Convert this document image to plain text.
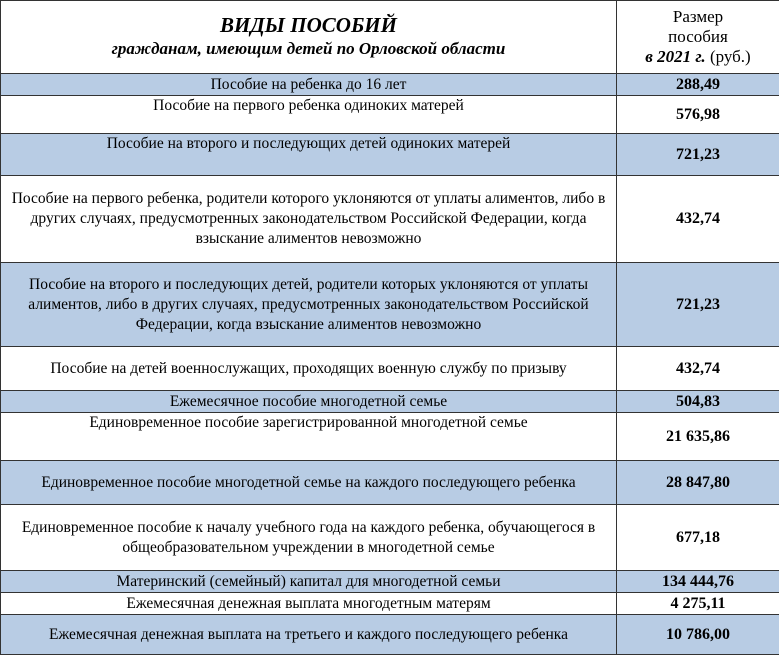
ВИДЫ ПОСОБИЙ
гражданам, имеющим детей по Орловской области	Размер
пособия
в 2021 г. (руб.)
Пособие на ребенка до 16 лет	288,49
Пособие на первого ребенка одиноких матерей	576,98
Пособие на второго и последующих детей одиноких матерей	721,23
Пособие на первого ребенка, родители которого уклоняются от уплаты алиментов, либо в других случаях, предусмотренных законодательством Российской Федерации, когда взыскание алиментов невозможно	432,74
Пособие на второго и последующих детей, родители которых уклоняются от уплаты алиментов, либо в других случаях, предусмотренных законодательством Российской Федерации, когда взыскание алиментов невозможно	721,23
Пособие на детей военнослужащих, проходящих военную службу по призыву	432,74
Ежемесячное пособие многодетной семье	504,83
Единовременное пособие зарегистрированной многодетной семье	21 635,86
Единовременное пособие многодетной семье на каждого последующего ребенка	28 847,80
Единовременное пособие к началу учебного года на каждого ребенка, обучающегося в общеобразовательном учреждении в многодетной семье	677,18
Материнский (семейный) капитал для многодетной семьи	134 444,76
Ежемесячная денежная выплата многодетным матерям	4 275,11
Ежемесячная денежная выплата на третьего и каждого последующего ребенка	10 786,00
